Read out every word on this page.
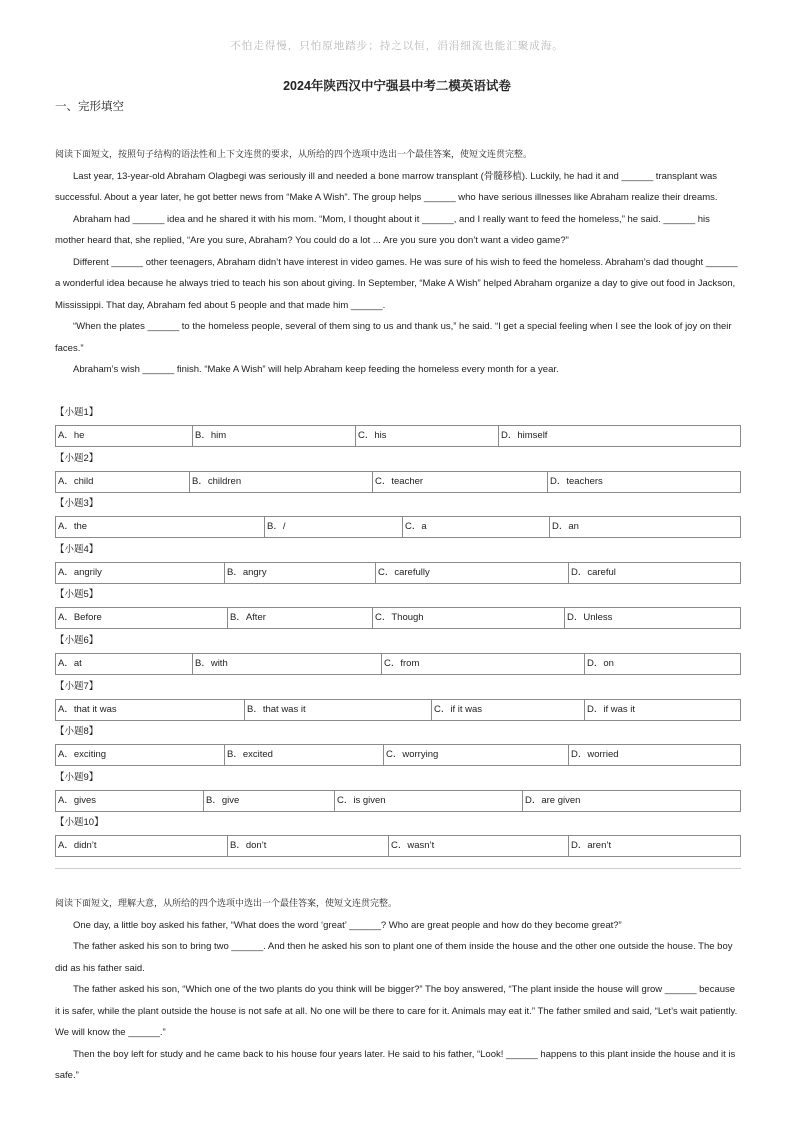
不怕走得慢，只怕原地踏步；持之以恒，涓涓细流也能汇聚成海。
2024年陕西汉中宁强县中考二模英语试卷
一、完形填空

阅读下面短文，按照句子结构的语法性和上下文连贯的要求，从所给的四个选项中选出一个最佳答案，使短文连贯完整。

Last year, 13-year-old Abraham Olagbegi was seriously ill and needed a bone marrow transplant (骨髓移植). Luckily, he had it and ______ transplant was successful. About a year later, he got better news from “Make A Wish”. The group helps ______ who have serious illnesses like Abraham realize their dreams.

Abraham had ______ idea and he shared it with his mom. “Mom, I thought about it ______, and I really want to feed the homeless,” he said. ______ his mother heard that, she replied, “Are you sure, Abraham? You could do a lot ... Are you sure you don’t want a video game?”

Different ______ other teenagers, Abraham didn’t have interest in video games. He was sure of his wish to feed the homeless. Abraham’s dad thought ______ a wonderful idea because he always tried to teach his son about giving. In September, “Make A Wish” helped Abraham organize a day to give out food in Jackson, Mississippi. That day, Abraham fed about 5 people and that made him ______.

“When the plates ______ to the homeless people, several of them sing to us and thank us,” he said. “I get a special feeling when I see the look of joy on their faces.”

Abraham’s wish ______ finish. “Make A Wish” will help Abraham keep feeding the homeless every month for a year.

【小题1】
A．he	B．him	C．his	D．himself
【小题2】
A．child	B．children	C．teacher	D．teachers
【小题3】
A．the	B．/	C．a	D．an
【小题4】
A．angrily	B．angry	C．carefully	D．careful
【小题5】
A．Before	B．After	C．Though	D．Unless
【小题6】
A．at	B．with	C．from	D．on
【小题7】
A．that it was	B．that was it	C．if it was	D．if was it
【小题8】
A．exciting	B．excited	C．worrying	D．worried
【小题9】
A．gives	B．give	C．is given	D．are given
【小题10】
A．didn’t	B．don’t	C．wasn’t	D．aren’t

阅读下面短文，理解大意，从所给的四个选项中选出一个最佳答案，使短文连贯完整。

One day, a little boy asked his father, “What does the word ‘great’ ______? Who are great people and how do they become great?”

The father asked his son to bring two ______. And then he asked his son to plant one of them inside the house and the other one outside the house. The boy did as his father said.

The father asked his son, “Which one of the two plants do you think will be bigger?” The boy answered, “The plant inside the house will grow ______ because it is safer, while the plant outside the house is not safe at all. No one will be there to care for it. Animals may eat it.” The father smiled and said, “Let’s wait patiently. We will know the ______.”

Then the boy left for study and he came back to his house four years later. He said to his father, “Look! ______ happens to this plant inside the house and it is safe.”
